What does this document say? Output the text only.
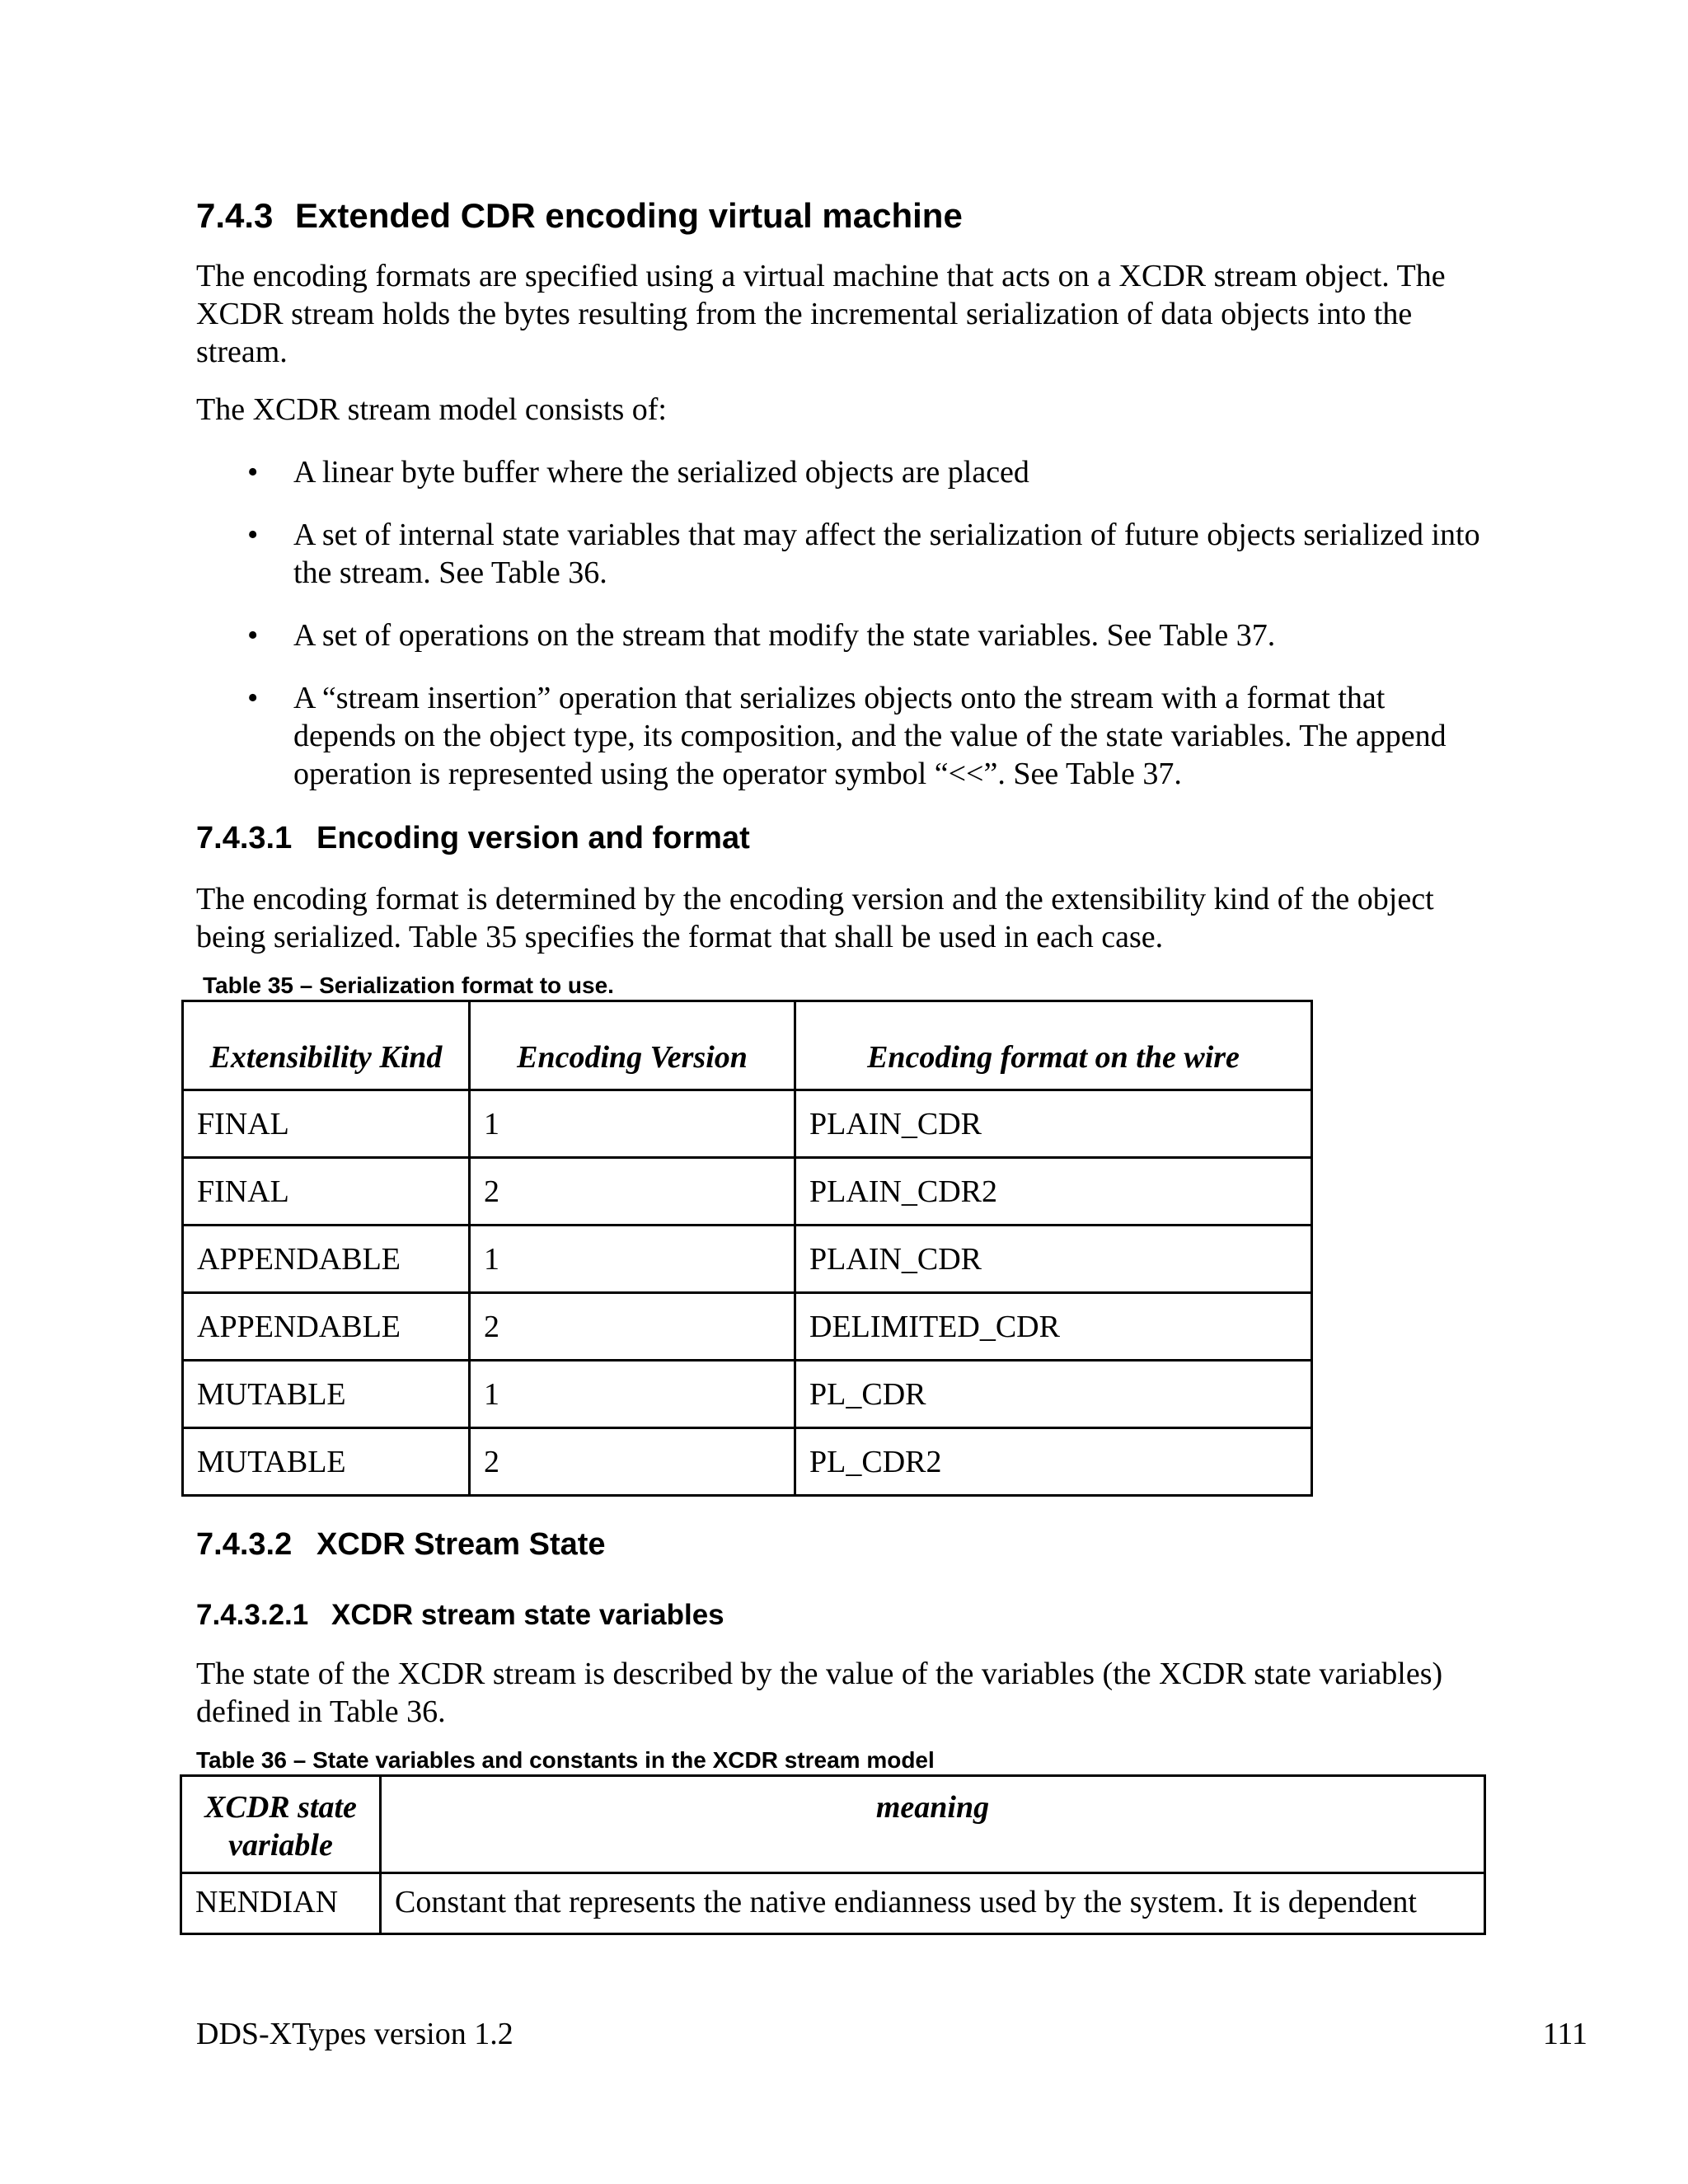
7.4.3 Extended CDR encoding virtual machine
The encoding formats are specified using a virtual machine that acts on a XCDR stream object. The XCDR stream holds the bytes resulting from the incremental serialization of data objects into the stream.
The XCDR stream model consists of:
• A linear byte buffer where the serialized objects are placed
• A set of internal state variables that may affect the serialization of future objects serialized into the stream. See Table 36.
• A set of operations on the stream that modify the state variables. See Table 37.
• A “stream insertion” operation that serializes objects onto the stream with a format that depends on the object type, its composition, and the value of the state variables. The append operation is represented using the operator symbol “<<”. See Table 37.
7.4.3.1 Encoding version and format
The encoding format is determined by the encoding version and the extensibility kind of the object being serialized. Table 35 specifies the format that shall be used in each case.
Table 35 – Serialization format to use.
Extensibility Kind	Encoding Version	Encoding format on the wire
FINAL	1	PLAIN_CDR
FINAL	2	PLAIN_CDR2
APPENDABLE	1	PLAIN_CDR
APPENDABLE	2	DELIMITED_CDR
MUTABLE	1	PL_CDR
MUTABLE	2	PL_CDR2
7.4.3.2 XCDR Stream State
7.4.3.2.1 XCDR stream state variables
The state of the XCDR stream is described by the value of the variables (the XCDR state variables) defined in Table 36.
Table 36 – State variables and constants in the XCDR stream model
XCDR state variable	meaning
NENDIAN	Constant that represents the native endianness used by the system. It is dependent
DDS-XTypes version 1.2	111
